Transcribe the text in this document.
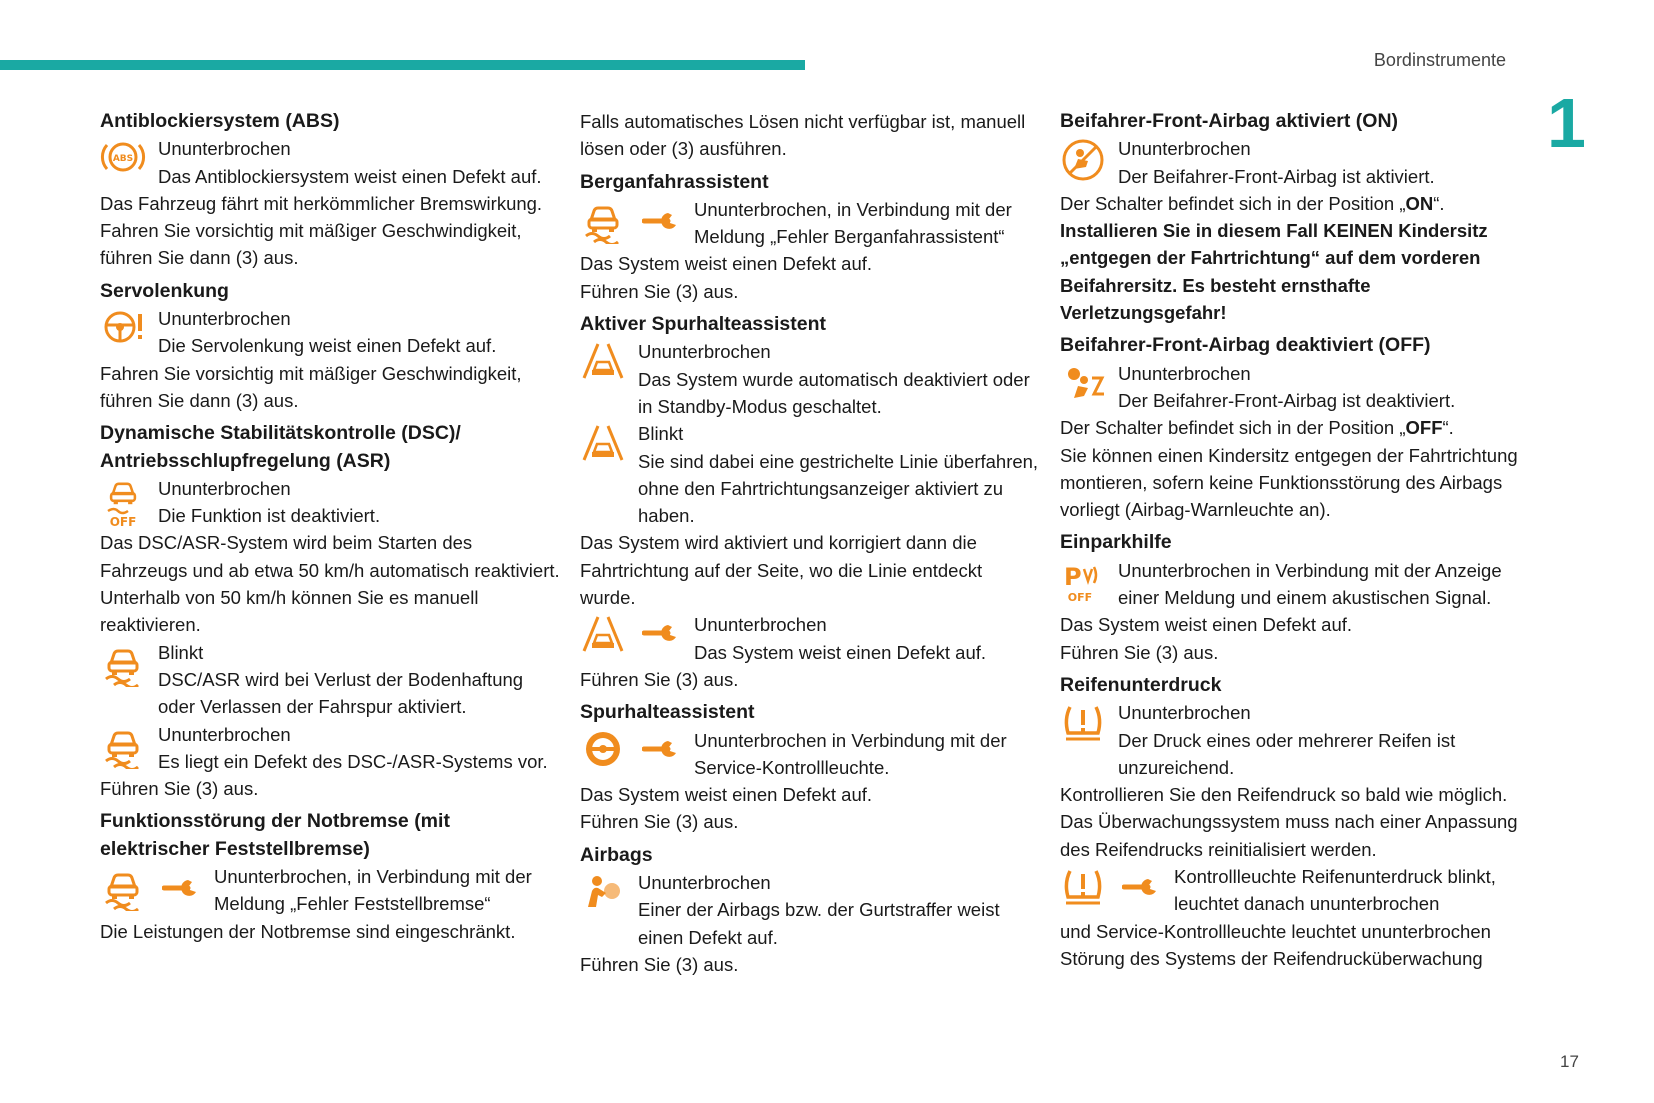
Bordinstrumente
1
17
Antiblockiersystem (ABS)
ABS Ununterbrochen
Das Antiblockiersystem weist einen Defekt auf.
Das Fahrzeug fährt mit herkömmlicher Bremswirkung. Fahren Sie vorsichtig mit mäßiger Geschwindigkeit, führen Sie dann (3) aus.
Servolenkung
Ununterbrochen
Die Servolenkung weist einen Defekt auf.
Fahren Sie vorsichtig mit mäßiger Geschwindigkeit, führen Sie dann (3) aus.
Dynamische Stabilitätskontrolle (DSC)/ Antriebsschlupfregelung (ASR)
OFF
Ununterbrochen
Die Funktion ist deaktiviert.
Das DSC/ASR-System wird beim Starten des Fahrzeugs und ab etwa 50 km/h automatisch reaktiviert.
Unterhalb von 50 km/h können Sie es manuell reaktivieren.
Blinkt
DSC/ASR wird bei Verlust der Bodenhaftung oder Verlassen der Fahrspur aktiviert.
Ununterbrochen
Es liegt ein Defekt des DSC-/ASR-Systems vor.
Führen Sie (3) aus.
Funktionsstörung der Notbremse (mit elektrischer Feststellbremse)
Ununterbrochen, in Verbindung mit der Meldung „Fehler Feststellbremse“
Die Leistungen der Notbremse sind eingeschränkt.
Falls automatisches Lösen nicht verfügbar ist, manuell lösen oder (3) ausführen.
Berganfahrassistent
Ununterbrochen, in Verbindung mit der Meldung „Fehler Berganfahrassistent“
Das System weist einen Defekt auf.
Führen Sie (3) aus.
Aktiver Spurhalteassistent
Ununterbrochen
Das System wurde automatisch deaktiviert oder in Standby-Modus geschaltet.
Blinkt
Sie sind dabei eine gestrichelte Linie überfahren, ohne den Fahrtrichtungsanzeiger aktiviert zu haben.
Das System wird aktiviert und korrigiert dann die Fahrtrichtung auf der Seite, wo die Linie entdeckt wurde.
Ununterbrochen
Das System weist einen Defekt auf.
Führen Sie (3) aus.
Spurhalteassistent
Ununterbrochen in Verbindung mit der Service-Kontrollleuchte.
Das System weist einen Defekt auf.
Führen Sie (3) aus.
Airbags
Ununterbrochen
Einer der Airbags bzw. der Gurtstraffer weist einen Defekt auf.
Führen Sie (3) aus.
Beifahrer-Front-Airbag aktiviert (ON)
Ununterbrochen
Der Beifahrer-Front-Airbag ist aktiviert.
Der Schalter befindet sich in der Position „ON“.
Installieren Sie in diesem Fall KEINEN Kindersitz „entgegen der Fahrtrichtung“ auf dem vorderen Beifahrersitz. Es besteht ernsthafte Verletzungsgefahr!
Beifahrer-Front-Airbag deaktiviert (OFF)
Ununterbrochen
Der Beifahrer-Front-Airbag ist deaktiviert.
Der Schalter befindet sich in der Position „OFF“.
Sie können einen Kindersitz entgegen der Fahrtrichtung montieren, sofern keine Funktionsstörung des Airbags vorliegt (Airbag-Warnleuchte an).
Einparkhilfe
P
OFF
Ununterbrochen in Verbindung mit der Anzeige einer Meldung und einem akustischen Signal.
Das System weist einen Defekt auf.
Führen Sie (3) aus.
Reifenunterdruck
Ununterbrochen
Der Druck eines oder mehrerer Reifen ist unzureichend.
Kontrollieren Sie den Reifendruck so bald wie möglich.
Das Überwachungssystem muss nach einer Anpassung des Reifendrucks reinitialisiert werden.
Kontrollleuchte Reifenunterdruck blinkt, leuchtet danach ununterbrochen
und Service-Kontrollleuchte leuchtet ununterbrochen
Störung des Systems der Reifendrucküberwachung
